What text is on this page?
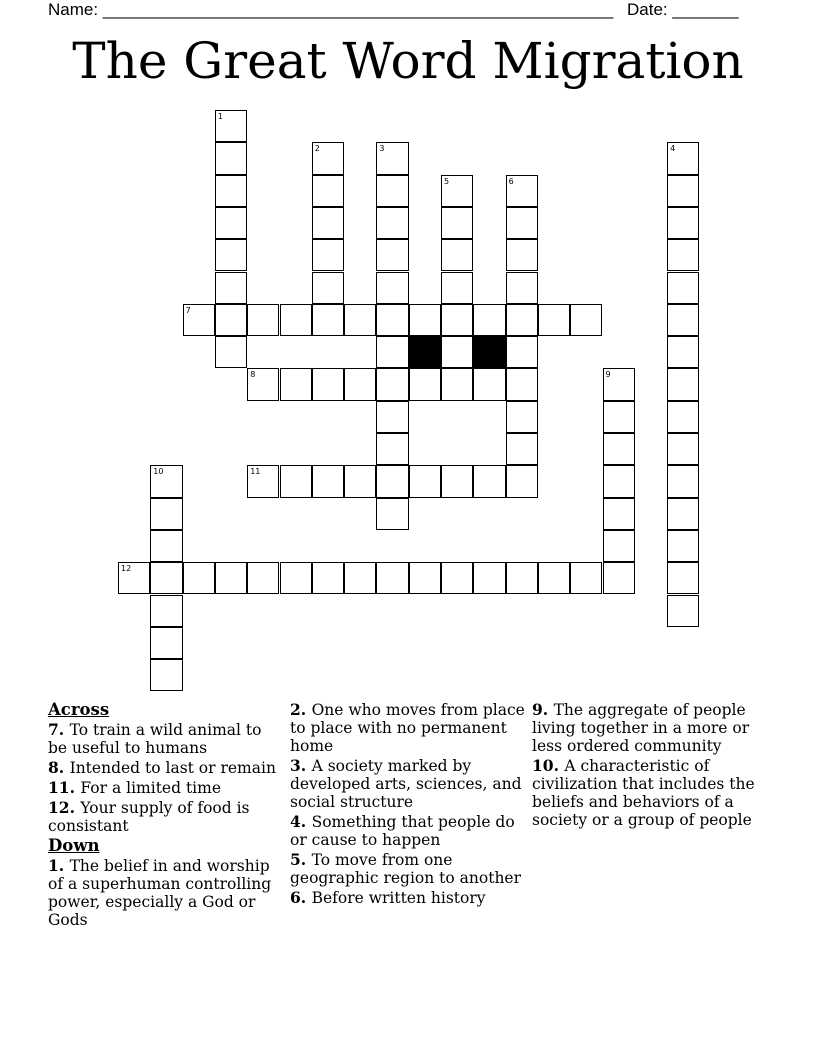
Name: ______________________________________________________ Date: _______
The Great Word Migration
1
2	3	4
5	6
7
8	9
10	11
12
Across
7. To train a wild animal to be useful to humans
8. Intended to last or remain
11. For a limited time
12. Your supply of food is consistant
Down
1. The belief in and worship of a superhuman controlling power, especially a God or Gods
2. One who moves from place to place with no permanent home
3. A society marked by developed arts, sciences, and social structure
4. Something that people do or cause to happen
5. To move from one geographic region to another
6. Before written history
9. The aggregate of people living together in a more or less ordered community
10. A characteristic of civilization that includes the beliefs and behaviors of a society or a group of people
